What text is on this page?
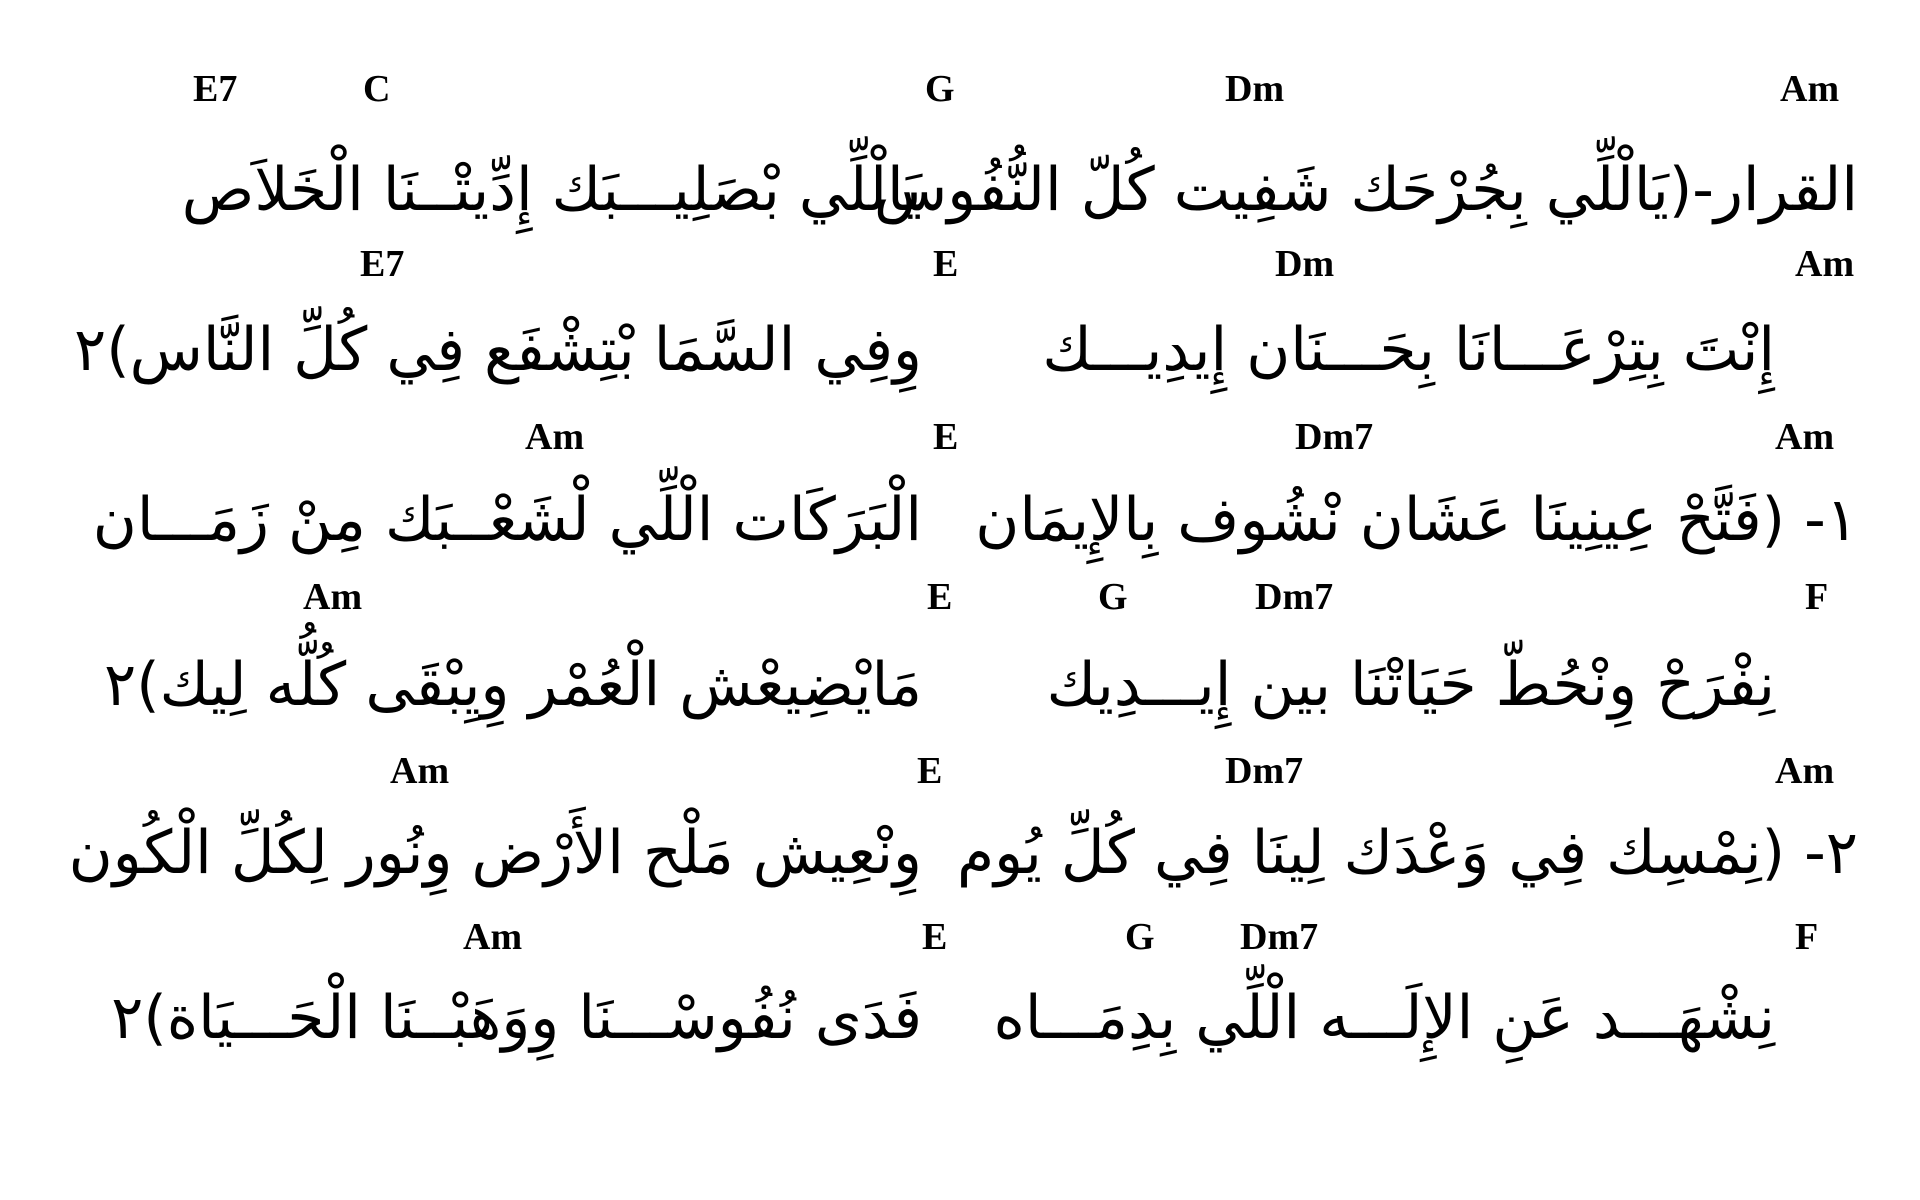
Am
Dm
G
C
E7
القرار-(يَالْلِّي بِجُرْحَك شَفِيت كُلّ النُّفُوس
يَالْلِّي بْصَلِيـــبَك إِدِّيتْــنَا الْخَلاَص
Am
Dm
E
E7
إِنْتَ بِتِرْعَـــانَا بِحَـــنَان إِيدِيـــك
وِفِي السَّمَا بْتِشْفَع فِي كُلِّ النَّاس)٢
Am
Dm7
E
Am
١- (فَتَّحْ عِينِينَا عَشَان نْشُوف بِالإِيمَان
الْبَرَكَات الْلِّي لْشَعْــبَك مِنْ زَمَـــان
F
Dm7
G
E
Am
نِفْرَحْ وِنْحُطّ حَيَاتْنَا بين إِيـــدِيك
مَايْضِيعْش الْعُمْر وِيِبْقَى كُلُّه لِيك)٢
Am
Dm7
E
Am
٢- (نِمْسِك فِي وَعْدَك لِينَا فِي كُلِّ يُوم
وِنْعِيش مَلْح الأَرْض وِنُور لِكُلِّ الْكُون
F
Dm7
G
E
Am
نِشْهَـــد عَنِ الإِلَـــه الْلِّي بِدِمَـــاه
فَدَى نُفُوسْـــنَا وِوَهَبْــنَا الْحَـــيَاة)٢
